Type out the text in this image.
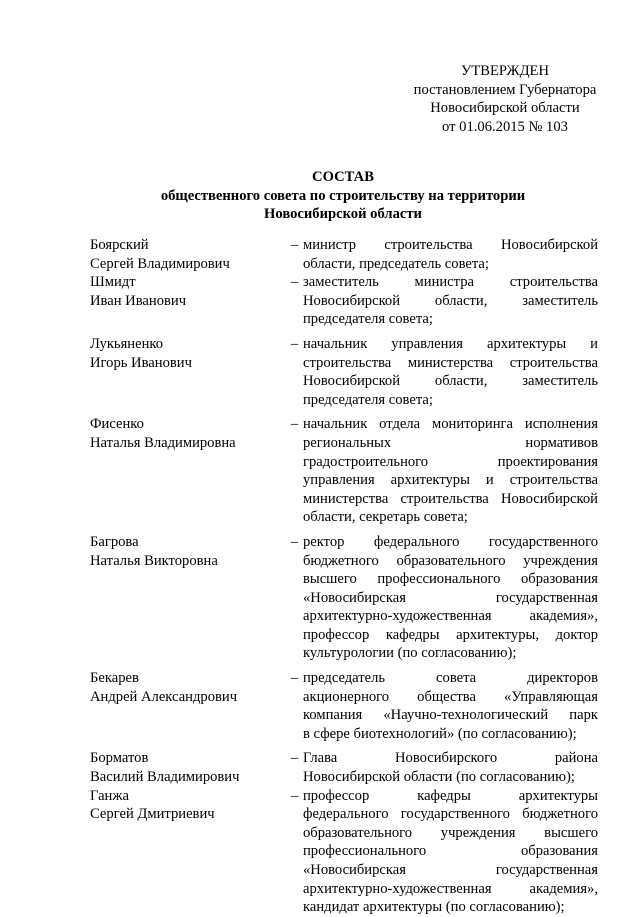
УТВЕРЖДЕН
постановлением Губернатора
Новосибирской области
от 01.06.2015 № 103
СОСТАВ
общественного совета по строительству на территории
Новосибирской области
Боярский
Сергей Владимирович
– министр строительства Новосибирской
области, председатель совета;
Шмидт
Иван Иванович
– заместитель министра строительства
Новосибирской области, заместитель
председателя совета;
Лукьяненко
Игорь Иванович
– начальник управления архитектуры и
строительства министерства строительства
Новосибирской области, заместитель
председателя совета;
Фисенко
Наталья Владимировна
– начальник отдела мониторинга исполнения
региональных нормативов
градостроительного проектирования
управления архитектуры и строительства
министерства строительства Новосибирской
области, секретарь совета;
Багрова
Наталья Викторовна
– ректор федерального государственного
бюджетного образовательного учреждения
высшего профессионального образования
«Новосибирская государственная
архитектурно-художественная академия»,
профессор кафедры архитектуры, доктор
культурологии (по согласованию);
Бекарев
Андрей Александрович
– председатель совета директоров
акционерного общества «Управляющая
компания «Научно-технологический парк
в сфере биотехнологий» (по согласованию);
Борматов
Василий Владимирович
– Глава Новосибирского района
Новосибирской области (по согласованию);
Ганжа
Сергей Дмитриевич
– профессор кафедры архитектуры
федерального государственного бюджетного
образовательного учреждения высшего
профессионального образования
«Новосибирская государственная
архитектурно-художественная академия»,
кандидат архитектуры (по согласованию);
